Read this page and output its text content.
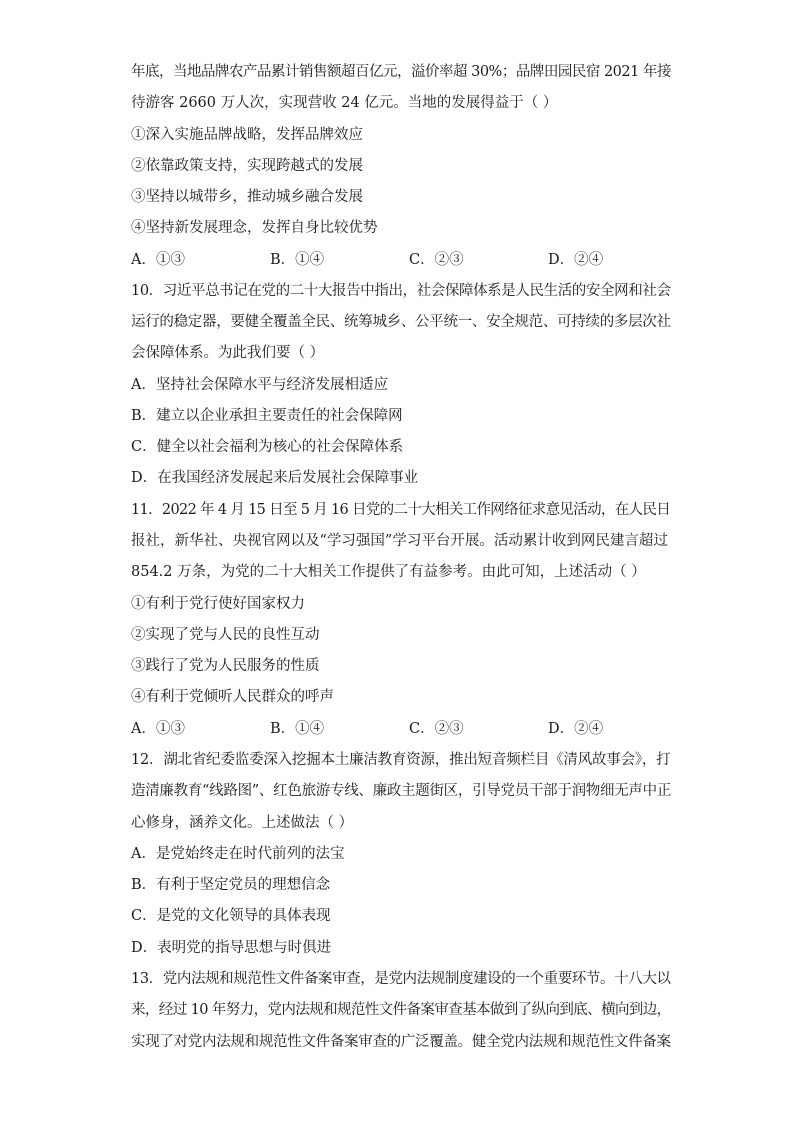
年底，当地品牌农产品累计销售额超百亿元，溢价率超 30%；品牌田园民宿 2021 年接
待游客 2660 万人次，实现营收 24 亿元。当地的发展得益于（ ）
①深入实施品牌战略，发挥品牌效应
②依靠政策支持，实现跨越式的发展
③坚持以城带乡，推动城乡融合发展
④坚持新发展理念，发挥自身比较优势
A．①③	B．①④	C．②③	D．②④
10．习近平总书记在党的二十大报告中指出，社会保障体系是人民生活的安全网和社会
运行的稳定器，要健全覆盖全民、统筹城乡、公平统一、安全规范、可持续的多层次社
会保障体系。为此我们要（ ）
A．坚持社会保障水平与经济发展相适应
B．建立以企业承担主要责任的社会保障网
C．健全以社会福利为核心的社会保障体系
D．在我国经济发展起来后发展社会保障事业
11．2022 年 4 月 15 日至 5 月 16 日党的二十大相关工作网络征求意见活动，在人民日
报社，新华社、央视官网以及“学习强国”学习平台开展。活动累计收到网民建言超过
854.2 万条，为党的二十大相关工作提供了有益参考。由此可知，上述活动（ ）
①有利于党行使好国家权力
②实现了党与人民的良性互动
③践行了党为人民服务的性质
④有利于党倾听人民群众的呼声
A．①③	B．①④	C．②③	D．②④
12．湖北省纪委监委深入挖掘本土廉洁教育资源，推出短音频栏目《清风故事会》，打
造清廉教育“线路图”、红色旅游专线、廉政主题街区，引导党员干部于润物细无声中正
心修身，涵养文化。上述做法（ ）
A．是党始终走在时代前列的法宝
B．有利于坚定党员的理想信念
C．是党的文化领导的具体表现
D．表明党的指导思想与时俱进
13．党内法规和规范性文件备案审查，是党内法规制度建设的一个重要环节。十八大以
来，经过 10 年努力，党内法规和规范性文件备案审查基本做到了纵向到底、横向到边，
实现了对党内法规和规范性文件备案审查的广泛覆盖。健全党内法规和规范性文件备案
